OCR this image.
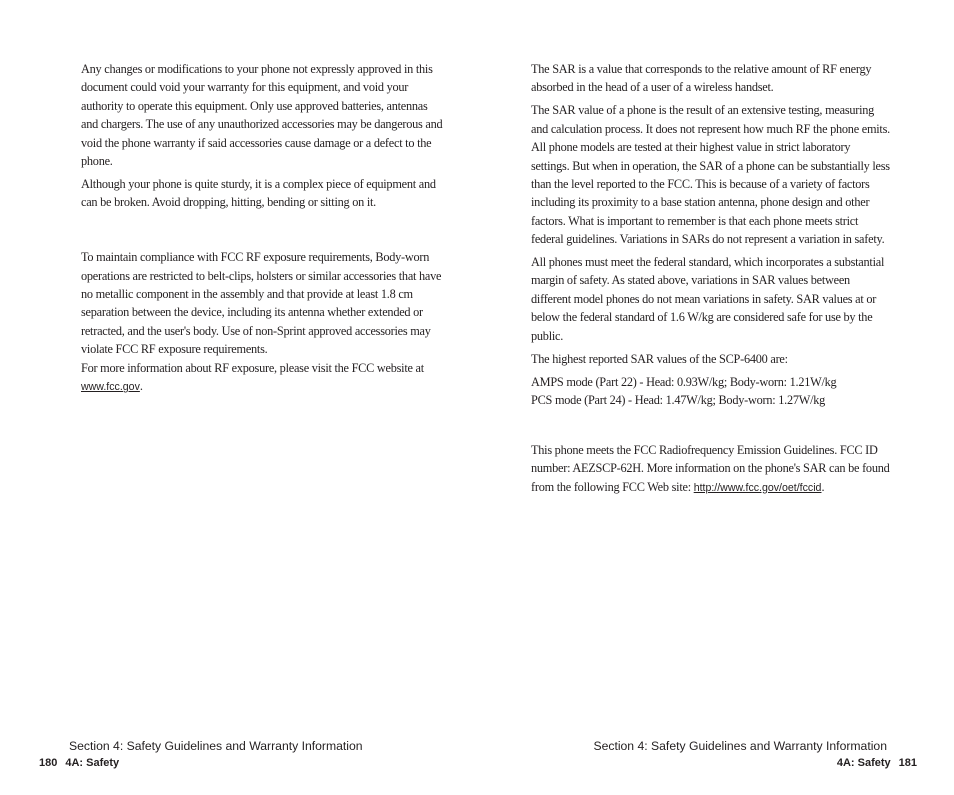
Any changes or modifications to your phone not expressly approved in this document could void your warranty for this equipment, and void your authority to operate this equipment. Only use approved batteries, antennas and chargers. The use of any unauthorized accessories may be dangerous and void the phone warranty if said accessories cause damage or a defect to the phone.

Although your phone is quite sturdy, it is a complex piece of equipment and can be broken. Avoid dropping, hitting, bending or sitting on it.

To maintain compliance with FCC RF exposure requirements, Body-worn operations are restricted to belt-clips, holsters or similar accessories that have no metallic component in the assembly and that provide at least 1.8 cm separation between the device, including its antenna whether extended or retracted, and the user's body. Use of non-Sprint approved accessories may violate FCC RF exposure requirements.

For more information about RF exposure, please visit the FCC website at
www.fcc.gov.

Section 4: Safety Guidelines and Warranty Information
180 4A: Safety

The SAR is a value that corresponds to the relative amount of RF energy absorbed in the head of a user of a wireless handset.

The SAR value of a phone is the result of an extensive testing, measuring and calculation process. It does not represent how much RF the phone emits. All phone models are tested at their highest value in strict laboratory settings. But when in operation, the SAR of a phone can be substantially less than the level reported to the FCC. This is because of a variety of factors including its proximity to a base station antenna, phone design and other factors. What is important to remember is that each phone meets strict federal guidelines. Variations in SARs do not represent a variation in safety.

All phones must meet the federal standard, which incorporates a substantial margin of safety. As stated above, variations in SAR values between different model phones do not mean variations in safety. SAR values at or below the federal standard of 1.6 W/kg are considered safe for use by the public.

The highest reported SAR values of the SCP-6400 are:

AMPS mode (Part 22) - Head: 0.93W/kg; Body-worn: 1.21W/kg
PCS mode (Part 24) - Head: 1.47W/kg; Body-worn: 1.27W/kg

This phone meets the FCC Radiofrequency Emission Guidelines. FCC ID number: AEZSCP-62H. More information on the phone's SAR can be found from the following FCC Web site: http://www.fcc.gov/oet/fccid.

Section 4: Safety Guidelines and Warranty Information
4A: Safety 181
